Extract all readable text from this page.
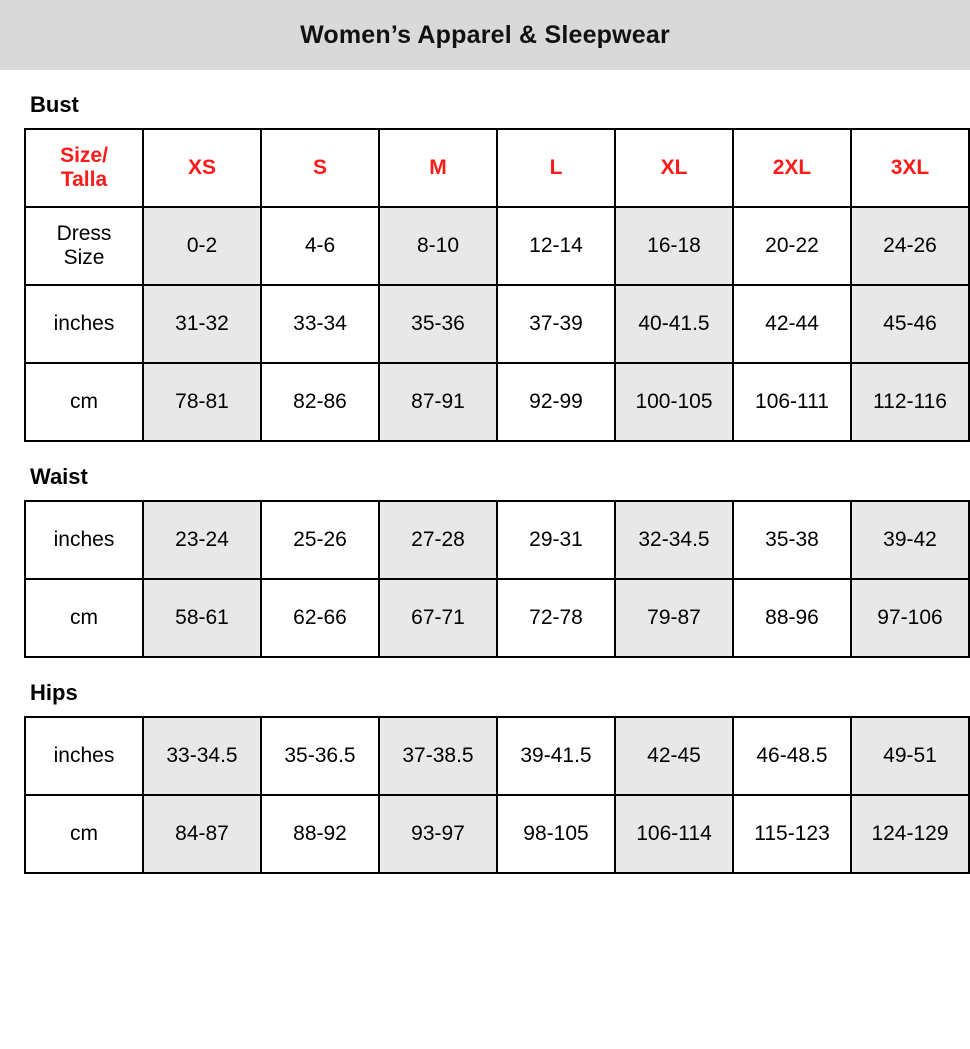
Women’s Apparel & Sleepwear
Bust
Size/
Talla	XS	S	M	L	XL	2XL	3XL
Dress
Size	0-2	4-6	8-10	12-14	16-18	20-22	24-26
inches	31-32	33-34	35-36	37-39	40-41.5	42-44	45-46
cm	78-81	82-86	87-91	92-99	100-105	106-111	112-116
Waist
inches	23-24	25-26	27-28	29-31	32-34.5	35-38	39-42
cm	58-61	62-66	67-71	72-78	79-87	88-96	97-106
Hips
inches	33-34.5	35-36.5	37-38.5	39-41.5	42-45	46-48.5	49-51
cm	84-87	88-92	93-97	98-105	106-114	115-123	124-129
